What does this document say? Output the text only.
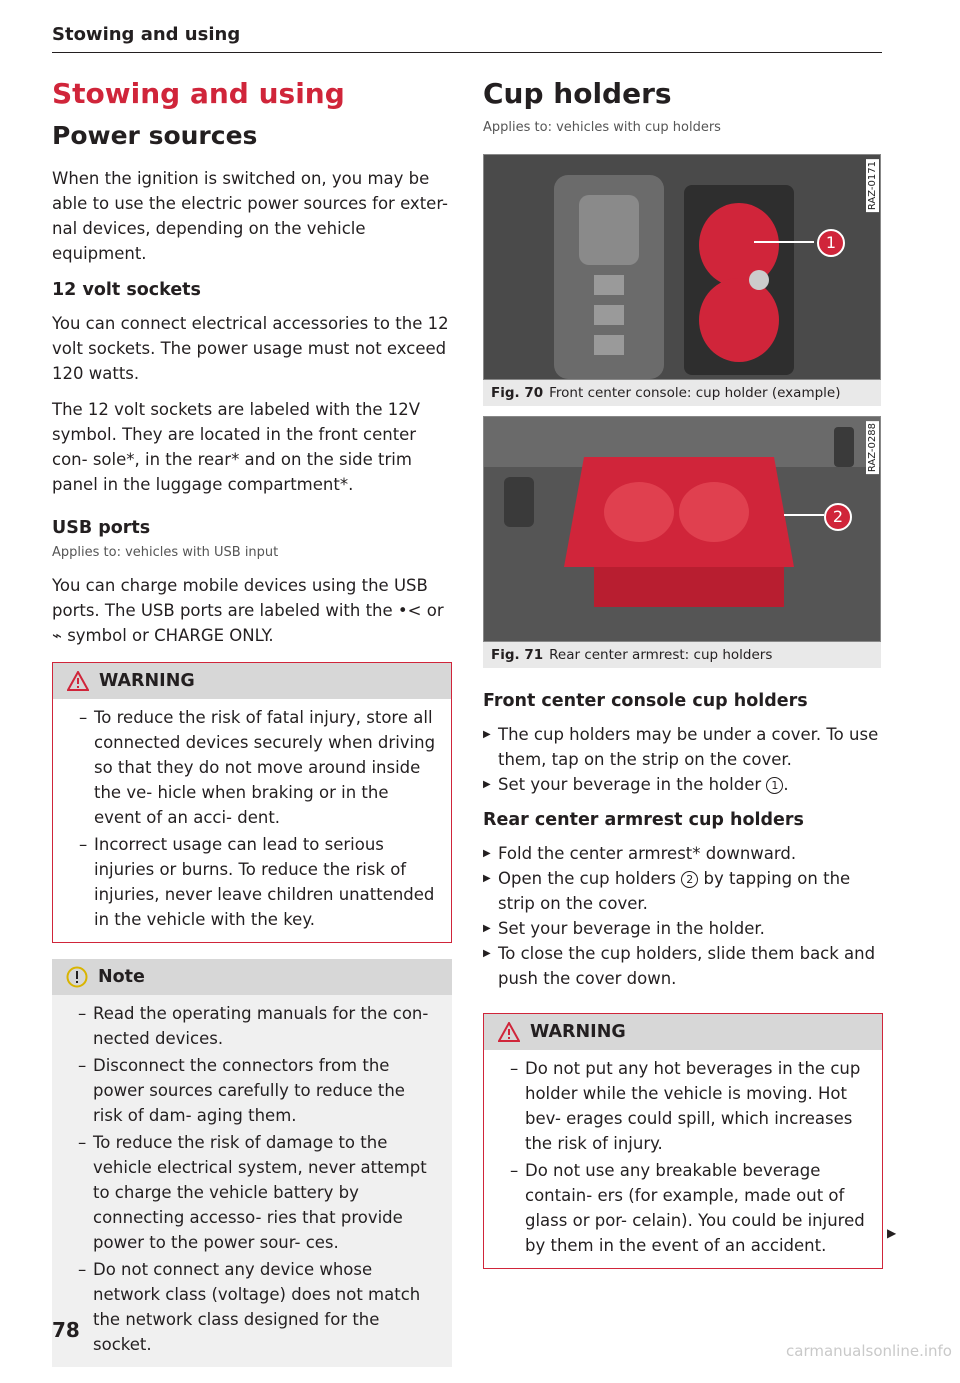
Stowing and using
Stowing and using
Power sources

When the ignition is switched on, you may be able to use the electric power sources for exter- nal devices, depending on the vehicle equipment.

12 volt sockets

You can connect electrical accessories to the 12 volt sockets. The power usage must not exceed 120 watts.

The 12 volt sockets are labeled with the 12V symbol. They are located in the front center con- sole*, in the rear* and on the side trim panel in the luggage compartment*.

USB ports
Applies to: vehicles with USB input

You can charge mobile devices using the USB ports. The USB ports are labeled with the •< or
⌁ symbol or CHARGE ONLY.

WARNING
– To reduce the risk of fatal injury, store all connected devices securely when driving so that they do not move around inside the ve- hicle when braking or in the event of an acci- dent.
– Incorrect usage can lead to serious injuries or burns. To reduce the risk of injuries, never leave children unattended in the vehicle with the key.
Note
– Read the operating manuals for the con- nected devices.
– Disconnect the connectors from the power sources carefully to reduce the risk of dam- aging them.
– To reduce the risk of damage to the vehicle electrical system, never attempt to charge the vehicle battery by connecting accesso- ries that provide power to the power sour- ces.
– Do not connect any device whose network class (voltage) does not match the network class designed for the socket.
Cup holders
Applies to: vehicles with cup holders
RAZ-0171
1
Fig. 70 Front center console: cup holder (example)
RAZ-0288
2
Fig. 71 Rear center armrest: cup holders
Front center console cup holders
▶ The cup holders may be under a cover. To use them, tap on the strip on the cover.
▶ Set your beverage in the holder 1 .
Rear center armrest cup holders
▶ Fold the center armrest* downward.
▶ Open the cup holders 2 by tapping on the strip on the cover.
▶ Set your beverage in the holder.
▶ To close the cup holders, slide them back and push the cover down.
WARNING
– Do not put any hot beverages in the cup holder while the vehicle is moving. Hot bev- erages could spill, which increases the risk of injury.
– Do not use any breakable beverage contain- ers (for example, made out of glass or por- celain). You could be injured by them in the event of an accident.
▶
78
carmanualsonline.info
